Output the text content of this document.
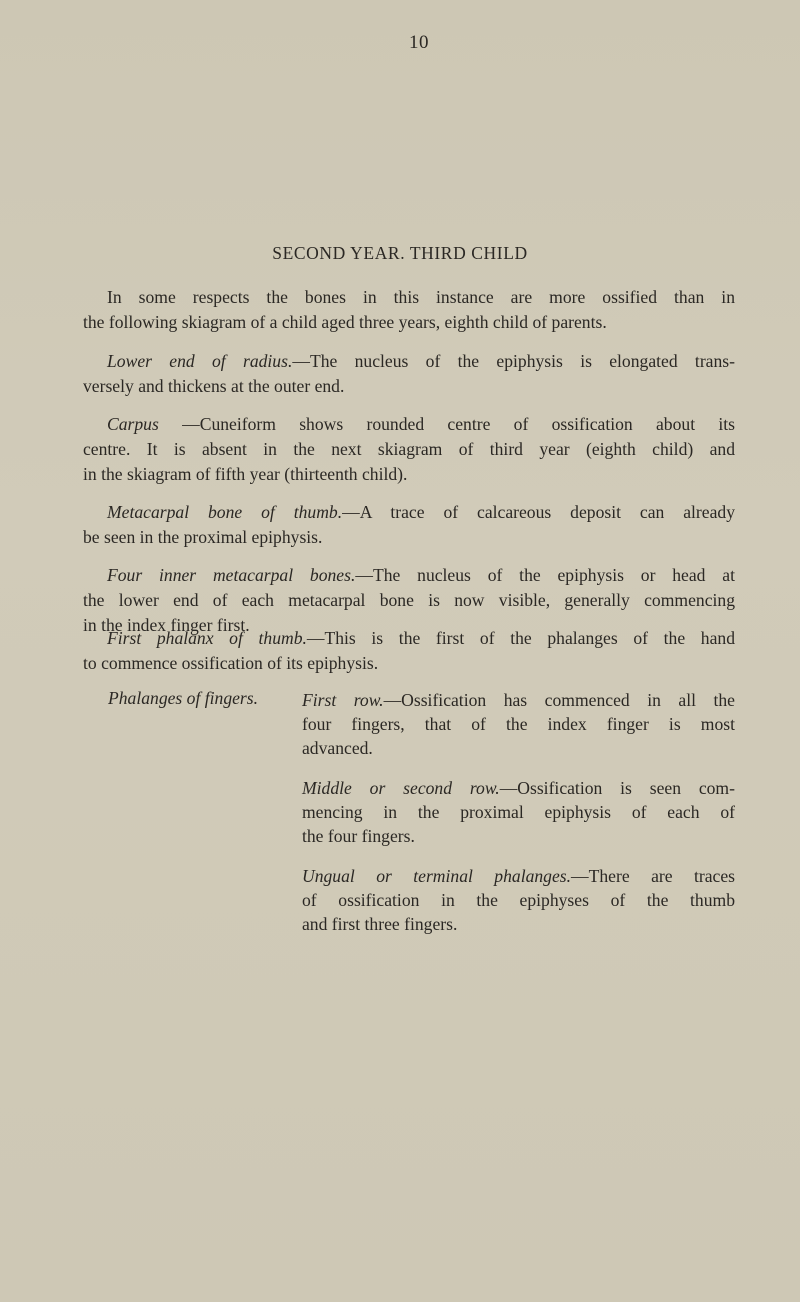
10
SECOND YEAR. THIRD CHILD
In some respects the bones in this instance are more ossified than in
the following skiagram of a child aged three years, eighth child of parents.
Lower end of radius.—The nucleus of the epiphysis is elongated trans-
versely and thickens at the outer end.
Carpus —Cuneiform shows rounded centre of ossification about its
centre. It is absent in the next skiagram of third year (eighth child) and
in the skiagram of fifth year (thirteenth child).
Metacarpal bone of thumb.—A trace of calcareous deposit can already
be seen in the proximal epiphysis.
Four inner metacarpal bones.—The nucleus of the epiphysis or head at
the lower end of each metacarpal bone is now visible, generally commencing
in the index finger first.
First phalanx of thumb.—This is the first of the phalanges of the hand
to commence ossification of its epiphysis.
Phalanges of fingers. First row.—Ossification has commenced in all the
four fingers, that of the index finger is most
advanced.
Middle or second row.—Ossification is seen com-
mencing in the proximal epiphysis of each of
the four fingers.
Ungual or terminal phalanges.—There are traces
of ossification in the epiphyses of the thumb
and first three fingers.
